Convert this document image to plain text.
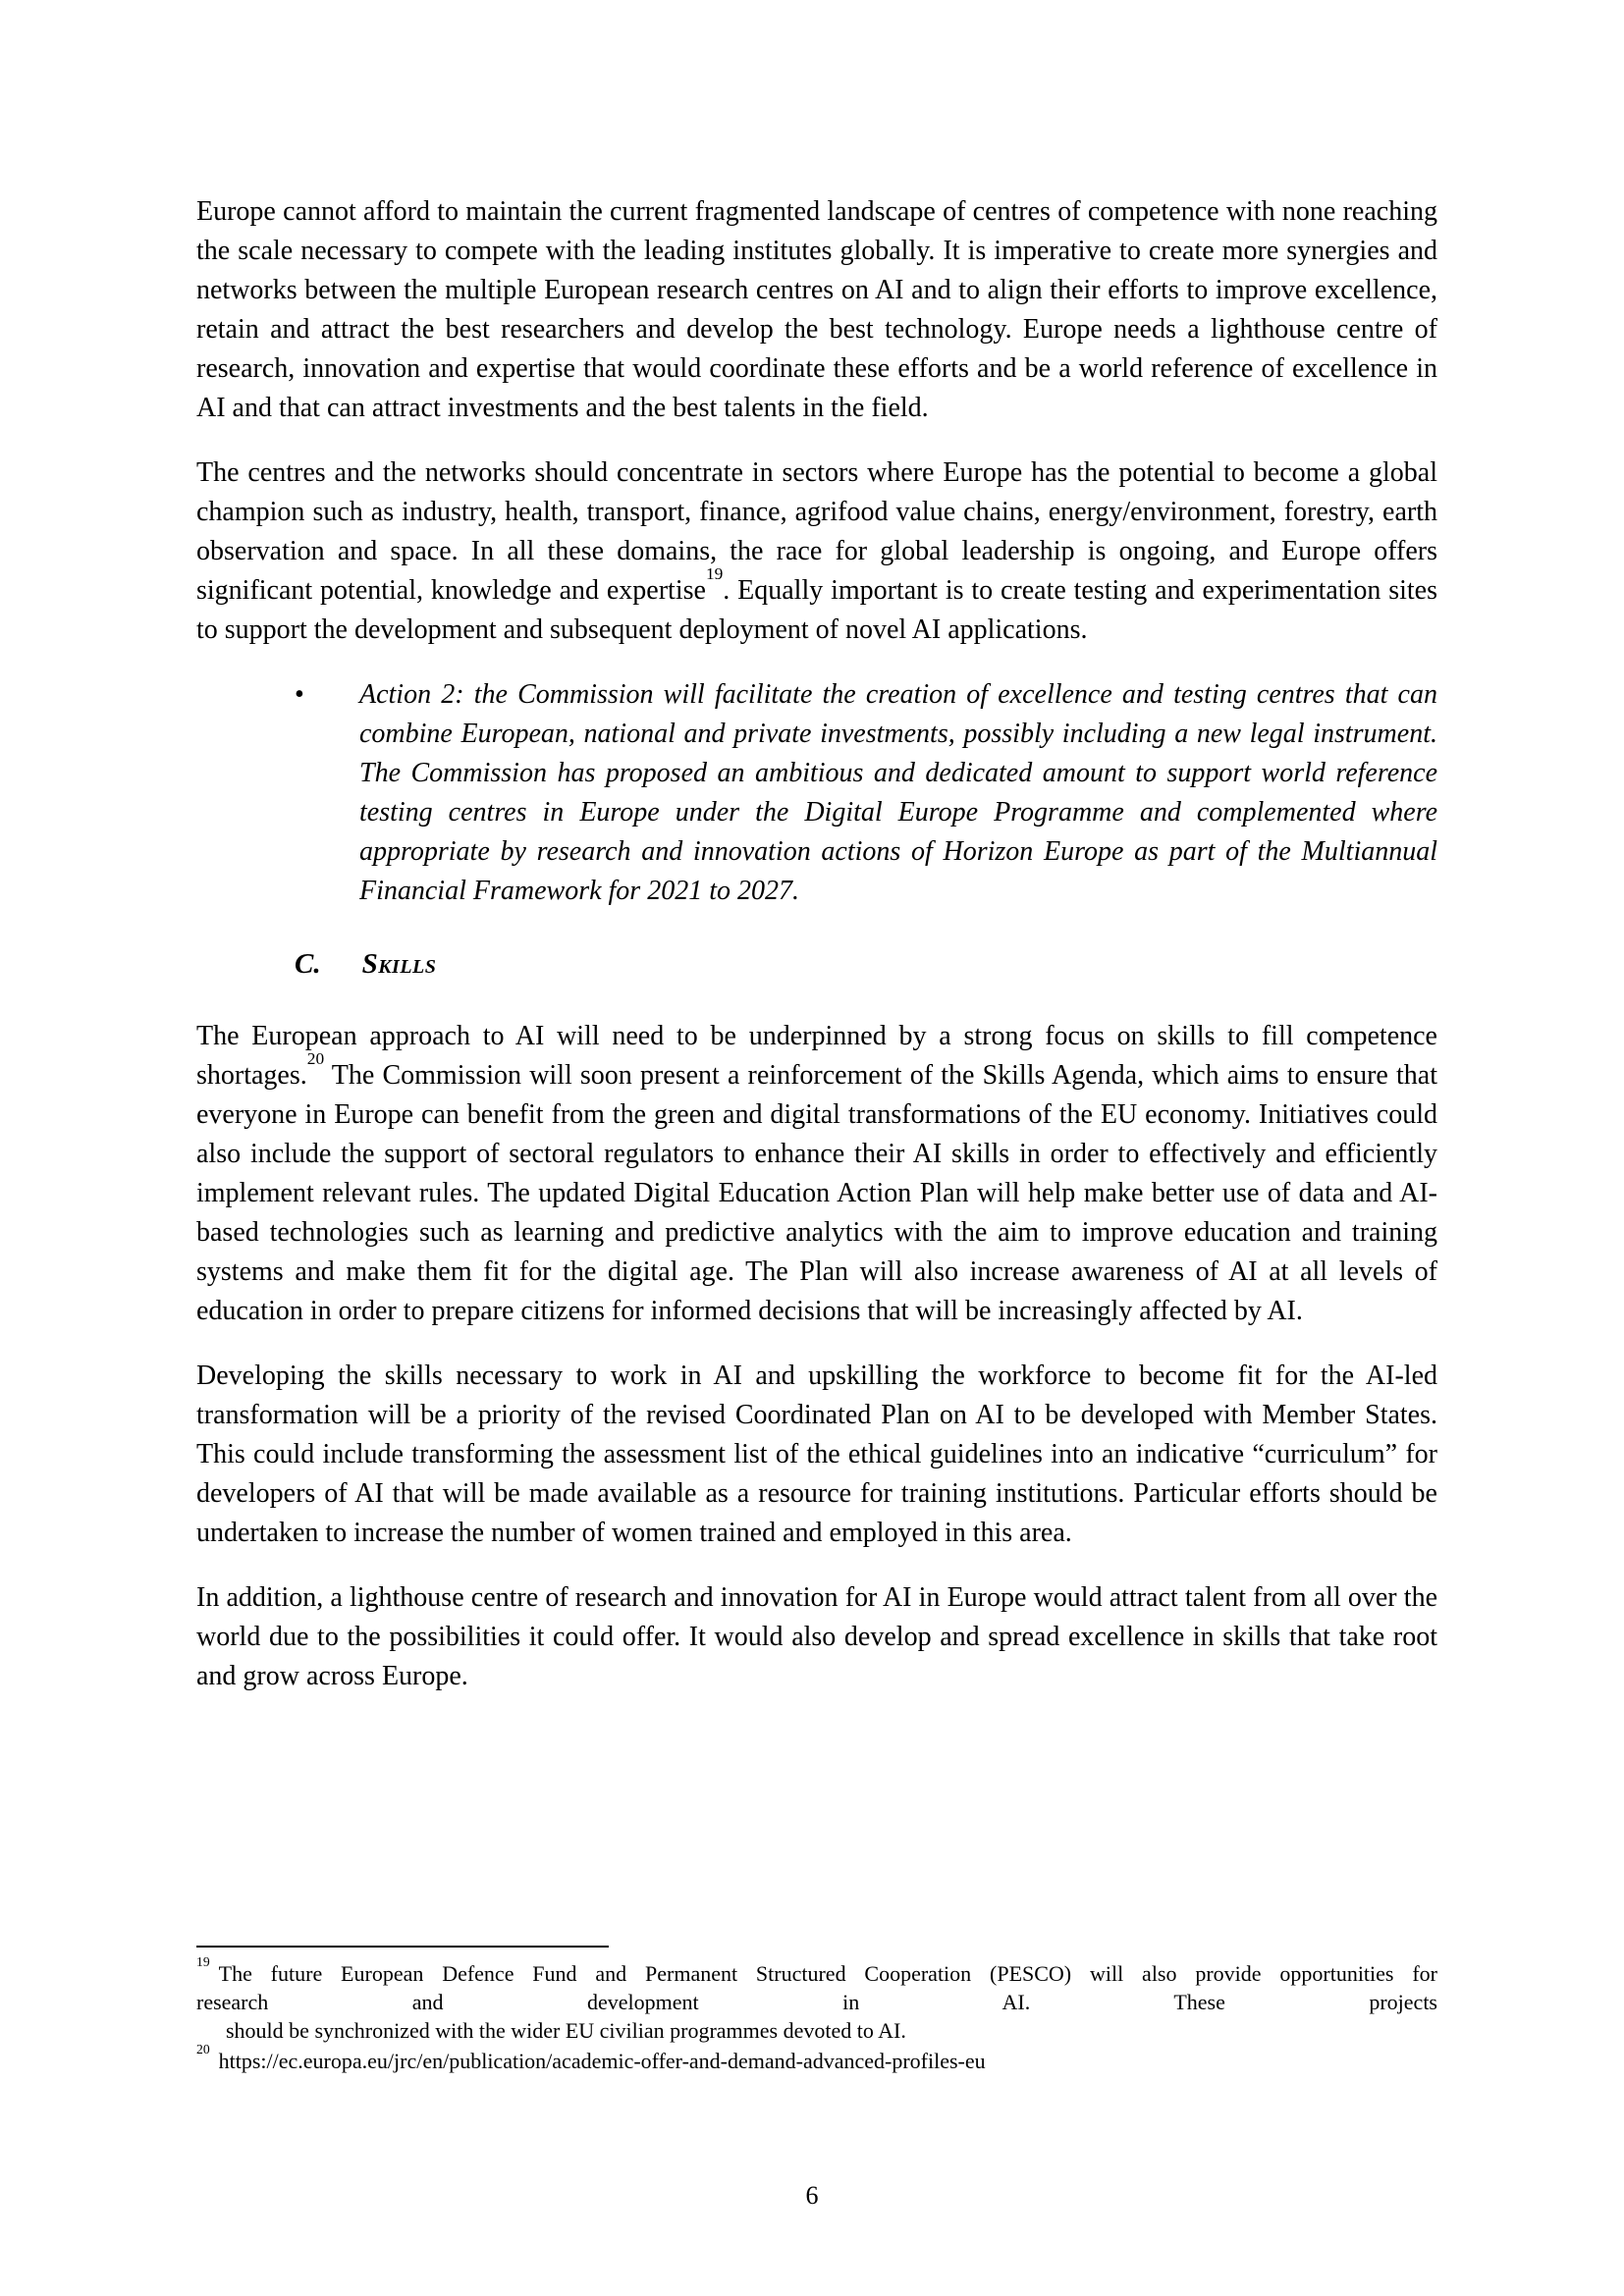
Europe cannot afford to maintain the current fragmented landscape of centres of competence with none reaching the scale necessary to compete with the leading institutes globally. It is imperative to create more synergies and networks between the multiple European research centres on AI and to align their efforts to improve excellence, retain and attract the best researchers and develop the best technology. Europe needs a lighthouse centre of research, innovation and expertise that would coordinate these efforts and be a world reference of excellence in AI and that can attract investments and the best talents in the field.

The centres and the networks should concentrate in sectors where Europe has the potential to become a global champion such as industry, health, transport, finance, agrifood value chains, energy/environment, forestry, earth observation and space. In all these domains, the race for global leadership is ongoing, and Europe offers significant potential, knowledge and expertise$^{19}$. Equally important is to create testing and experimentation sites to support the development and subsequent deployment of novel AI applications.

• Action 2: the Commission will facilitate the creation of excellence and testing centres that can combine European, national and private investments, possibly including a new legal instrument. The Commission has proposed an ambitious and dedicated amount to support world reference testing centres in Europe under the Digital Europe Programme and complemented where appropriate by research and innovation actions of Horizon Europe as part of the Multiannual Financial Framework for 2021 to 2027.

C. Skills

The European approach to AI will need to be underpinned by a strong focus on skills to fill competence shortages.$^{20}$ The Commission will soon present a reinforcement of the Skills Agenda, which aims to ensure that everyone in Europe can benefit from the green and digital transformations of the EU economy. Initiatives could also include the support of sectoral regulators to enhance their AI skills in order to effectively and efficiently implement relevant rules. The updated Digital Education Action Plan will help make better use of data and AI-based technologies such as learning and predictive analytics with the aim to improve education and training systems and make them fit for the digital age. The Plan will also increase awareness of AI at all levels of education in order to prepare citizens for informed decisions that will be increasingly affected by AI.

Developing the skills necessary to work in AI and upskilling the workforce to become fit for the AI-led transformation will be a priority of the revised Coordinated Plan on AI to be developed with Member States. This could include transforming the assessment list of the ethical guidelines into an indicative “curriculum” for developers of AI that will be made available as a resource for training institutions. Particular efforts should be undertaken to increase the number of women trained and employed in this area.

In addition, a lighthouse centre of research and innovation for AI in Europe would attract talent from all over the world due to the possibilities it could offer. It would also develop and spread excellence in skills that take root and grow across Europe.

$^{19}$ The future European Defence Fund and Permanent Structured Cooperation (PESCO) will also provide opportunities for
research and development in AI. These projects
should be synchronized with the wider EU civilian programmes devoted to AI.
$^{20}$ https://ec.europa.eu/jrc/en/publication/academic-offer-and-demand-advanced-profiles-eu
6
